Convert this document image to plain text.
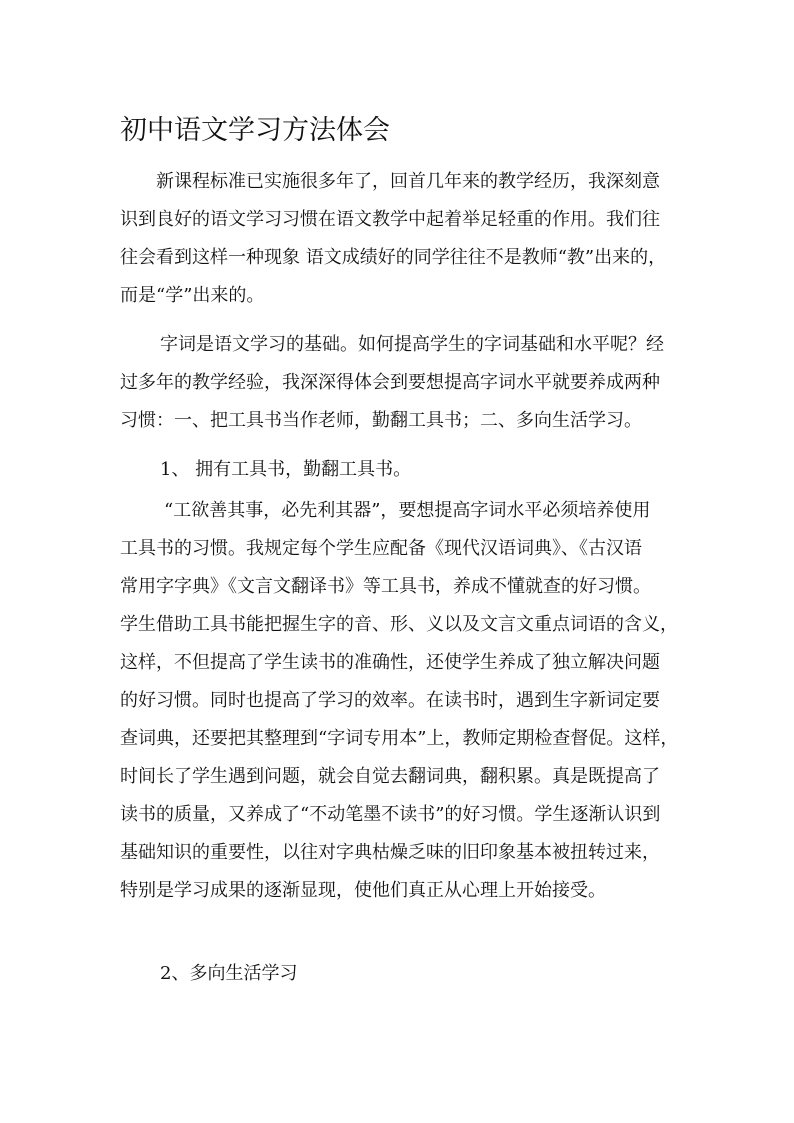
初中语文学习方法体会

新课程标准已实施很多年了，回首几年来的教学经历，我深刻意
识到良好的语文学习习惯在语文教学中起着举足轻重的作用。我们往
往会看到这样一种现象 语文成绩好的同学往往不是教师“教”出来的，
而是“学”出来的。

字词是语文学习的基础。如何提高学生的字词基础和水平呢？经
过多年的教学经验，我深深得体会到要想提高字词水平就要养成两种
习惯：一、把工具书当作老师，勤翻工具书；二、多向生活学习。

1、 拥有工具书，勤翻工具书。

“工欲善其事，必先利其器”，要想提高字词水平必须培养使用
工具书的习惯。我规定每个学生应配备《现代汉语词典》、《古汉语
常用字字典》《文言文翻译书》等工具书，养成不懂就查的好习惯。
学生借助工具书能把握生字的音、形、义以及文言文重点词语的含义，
这样，不但提高了学生读书的准确性，还使学生养成了独立解决问题
的好习惯。同时也提高了学习的效率。在读书时，遇到生字新词定要
查词典，还要把其整理到“字词专用本”上，教师定期检查督促。这样，
时间长了学生遇到问题，就会自觉去翻词典，翻积累。真是既提高了
读书的质量，又养成了“不动笔墨不读书”的好习惯。学生逐渐认识到
基础知识的重要性，以往对字典枯燥乏味的旧印象基本被扭转过来，
特别是学习成果的逐渐显现，使他们真正从心理上开始接受。

2、多向生活学习
